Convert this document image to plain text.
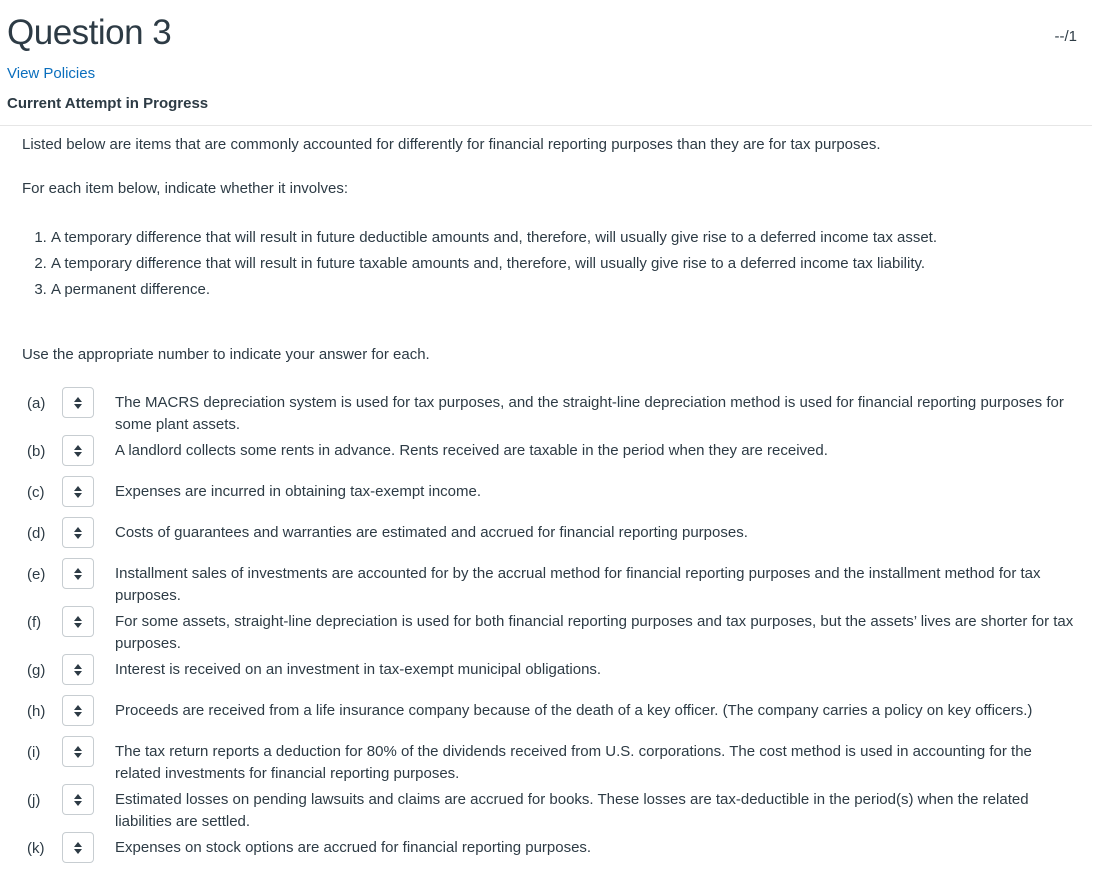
Question 3	--/1
View Policies
Current Attempt in Progress
Listed below are items that are commonly accounted for differently for financial reporting purposes than they are for tax purposes.
For each item below, indicate whether it involves:
1. A temporary difference that will result in future deductible amounts and, therefore, will usually give rise to a deferred income tax asset.
2. A temporary difference that will result in future taxable amounts and, therefore, will usually give rise to a deferred income tax liability.
3. A permanent difference.
Use the appropriate number to indicate your answer for each.
(a)	The MACRS depreciation system is used for tax purposes, and the straight-line depreciation method is used for financial reporting purposes for some plant assets.
(b)	A landlord collects some rents in advance. Rents received are taxable in the period when they are received.
(c)	Expenses are incurred in obtaining tax-exempt income.
(d)	Costs of guarantees and warranties are estimated and accrued for financial reporting purposes.
(e)	Installment sales of investments are accounted for by the accrual method for financial reporting purposes and the installment method for tax purposes.
(f)	For some assets, straight-line depreciation is used for both financial reporting purposes and tax purposes, but the assets’ lives are shorter for tax purposes.
(g)	Interest is received on an investment in tax-exempt municipal obligations.
(h)	Proceeds are received from a life insurance company because of the death of a key officer. (The company carries a policy on key officers.)
(i)	The tax return reports a deduction for 80% of the dividends received from U.S. corporations. The cost method is used in accounting for the related investments for financial reporting purposes.
(j)	Estimated losses on pending lawsuits and claims are accrued for books. These losses are tax-deductible in the period(s) when the related liabilities are settled.
(k)	Expenses on stock options are accrued for financial reporting purposes.
